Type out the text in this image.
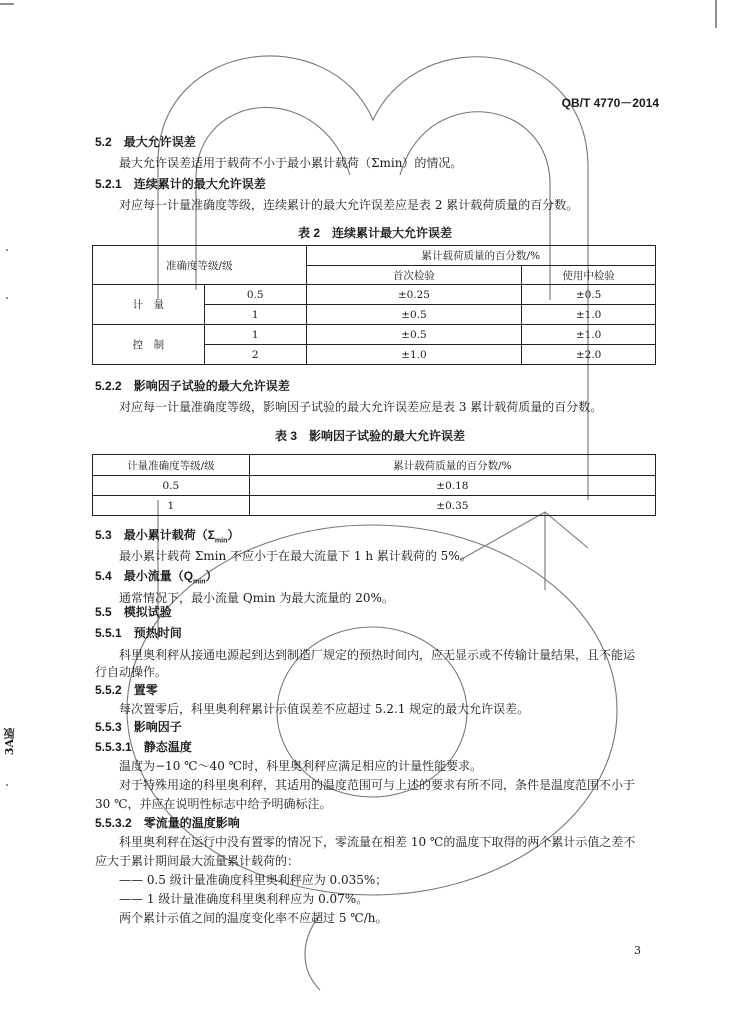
QB/T 4770－2014
3A版
5.2　 最大允许误差
最大允许误差适用于载荷不小于最小累计载荷（Σmin）的情况。
5.2.1　 连续累计的最大允许误差
对应每一计量准确度等级，连续累计的最大允许误差应是表 2 累计载荷质量的百分数。
表 2　连续累计最大允许误差
准确度等级/级		累计载荷质量的百分数/%	
		首次检验	使用中检验
计　量	0.5	±0.25	±0.5
	1	±0.5	±1.0
控　制	1	±0.5	±1.0
	2	±1.0	±2.0
5.2.2　 影响因子试验的最大允许误差
对应每一计量准确度等级，影响因子试验的最大允许误差应是表 3 累计载荷质量的百分数。
表 3　影响因子试验的最大允许误差
计量准确度等级/级	累计载荷质量的百分数/%
0.5	±0.18
1	±0.35
5.3　 最小累计载荷$(\Sigma_{min})$
最小累计载荷 Σmin 不应小于在最大流量下 1 h 累计载荷的 5%。
5.4　 最小流量$(Q_{min})$
通常情况下，最小流量 Qmin 为最大流量的 20%。
5.5　 模拟试验
5.5.1　 预热时间
科里奥利秤从接通电源起到达到制造厂规定的预热时间内，应无显示或不传输计量结果，且不能运
行自动操作。
5.5.2　 置零
每次置零后，科里奥利秤累计示值误差不应超过 5.2.1 规定的最大允许误差。
5.5.3　 影响因子
5.5.3.1　 静态温度
温度为−10 ℃～40 ℃时，科里奥利秤应满足相应的计量性能要求。
对于特殊用途的科里奥利秤，其适用的温度范围可与上述的要求有所不同，条件是温度范围不小于
30 ℃，并应在说明性标志中给予明确标注。
5.5.3.2　 零流量的温度影响
科里奥利秤在运行中没有置零的情况下，零流量在相差 10 ℃的温度下取得的两个累计示值之差不
应大于累计期间最大流量累计载荷的：
—— 0.5 级计量准确度科里奥利秤应为 0.035%；
—— 1 级计量准确度科里奥利秤应为 0.07%。
两个累计示值之间的温度变化率不应超过 5 ℃/h。
3
